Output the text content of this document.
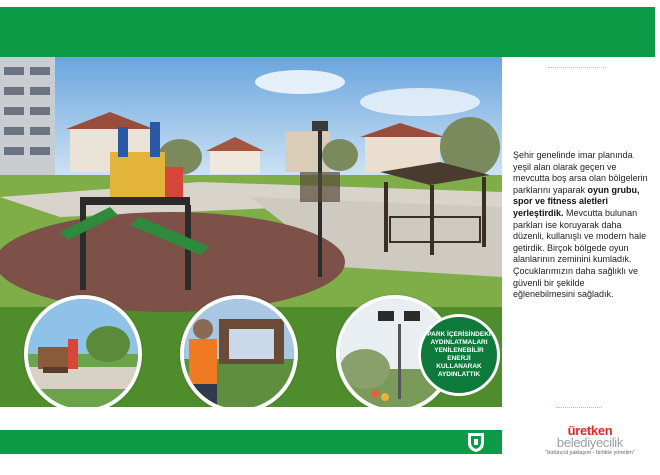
PARK İÇERİSİNDEKİ
AYDINLATMALARI
YENİLENEBİLİR ENERJİ
KULLANARAK
AYDINLATTIK
Şehir genelinde imar planında yeşil alan olarak geçen ve mevcutta boş arsa olan bölgelerin parklarını yaparak oyun grubu, spor ve fitness aletleri yerleştirdik. Mevcutta bulunan parkları ise koruyarak daha düzenli, kullanışlı ve modern hale getirdik. Birçok bölgede oyun alanlarının zeminini kumladık. Çocuklarımızın daha sağlıklı ve güvenli bir şekilde eğlenebilmesini sağladık.
üretken
belediyecilik
"bütüncül yaklaşım - birlikte yönetim"
